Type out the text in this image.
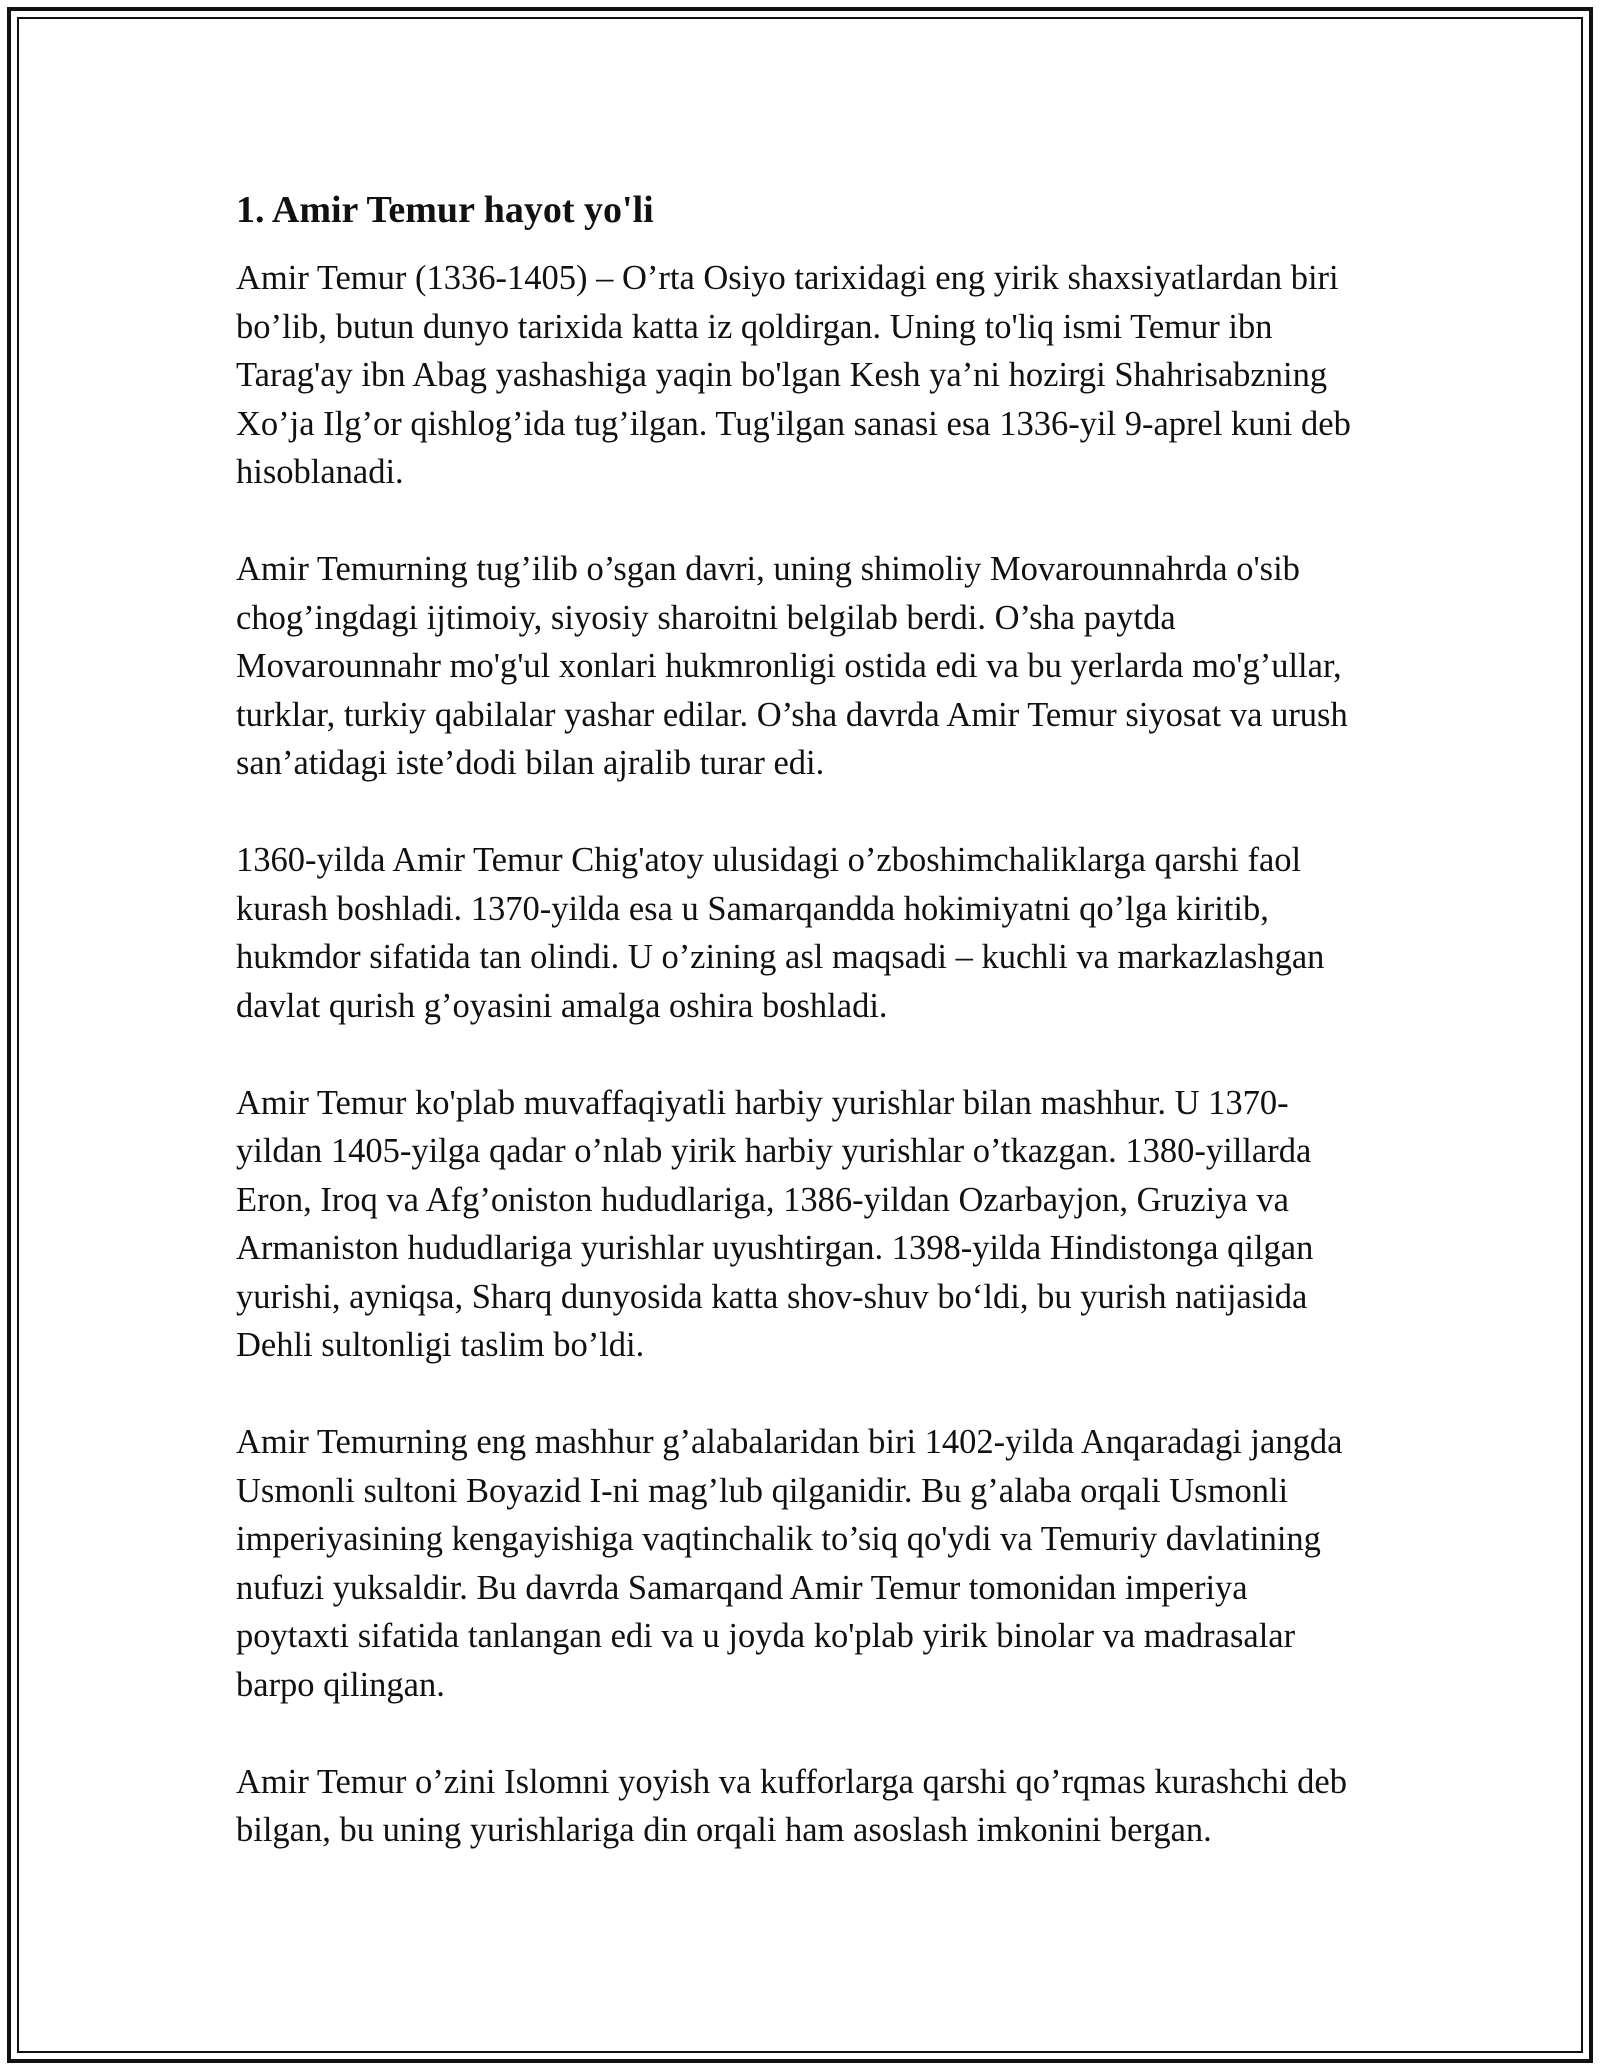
1. Amir Temur hayot yo'li

Amir Temur (1336-1405) – O’rta Osiyo tarixidagi eng yirik shaxsiyatlardan biri bo’lib, butun dunyo tarixida katta iz qoldirgan. Uning to'liq ismi Temur ibn Tarag'ay ibn Abag yashashiga yaqin bo'lgan Kesh ya’ni hozirgi Shahrisabzning Xo’ja Ilg’or qishlog’ida tug’ilgan. Tug'ilgan sanasi esa 1336-yil 9-aprel kuni deb hisoblanadi.

Amir Temurning tug’ilib o’sgan davri, uning shimoliy Movarounnahrda o'sib chog’ingdagi ijtimoiy, siyosiy sharoitni belgilab berdi. O’sha paytda Movarounnahr mo'g'ul xonlari hukmronligi ostida edi va bu yerlarda mo'g’ullar, turklar, turkiy qabilalar yashar edilar. O’sha davrda Amir Temur siyosat va urush san’atidagi iste’dodi bilan ajralib turar edi.

1360-yilda Amir Temur Chig'atoy ulusidagi o’zboshimchaliklarga qarshi faol kurash boshladi. 1370-yilda esa u Samarqandda hokimiyatni qo’lga kiritib, hukmdor sifatida tan olindi. U o’zining asl maqsadi – kuchli va markazlashgan davlat qurish g’oyasini amalga oshira boshladi.

Amir Temur ko'plab muvaffaqiyatli harbiy yurishlar bilan mashhur. U 1370-yildan 1405-yilga qadar o’nlab yirik harbiy yurishlar o’tkazgan. 1380-yillarda Eron, Iroq va Afg’oniston hududlariga, 1386-yildan Ozarbayjon, Gruziya va Armaniston hududlariga yurishlar uyushtirgan. 1398-yilda Hindistonga qilgan yurishi, ayniqsa, Sharq dunyosida katta shov-shuv bo‘ldi, bu yurish natijasida Dehli sultonligi taslim bo’ldi.

Amir Temurning eng mashhur g’alabalaridan biri 1402-yilda Anqaradagi jangda Usmonli sultoni Boyazid I-ni mag’lub qilganidir. Bu g’alaba orqali Usmonli imperiyasining kengayishiga vaqtinchalik to’siq qo'ydi va Temuriy davlatining nufuzi yuksaldir. Bu davrda Samarqand Amir Temur tomonidan imperiya poytaxti sifatida tanlangan edi va u joyda ko'plab yirik binolar va madrasalar barpo qilingan.

Amir Temur o’zini Islomni yoyish va kufforlarga qarshi qo’rqmas kurashchi deb bilgan, bu uning yurishlariga din orqali ham asoslash imkonini bergan.
